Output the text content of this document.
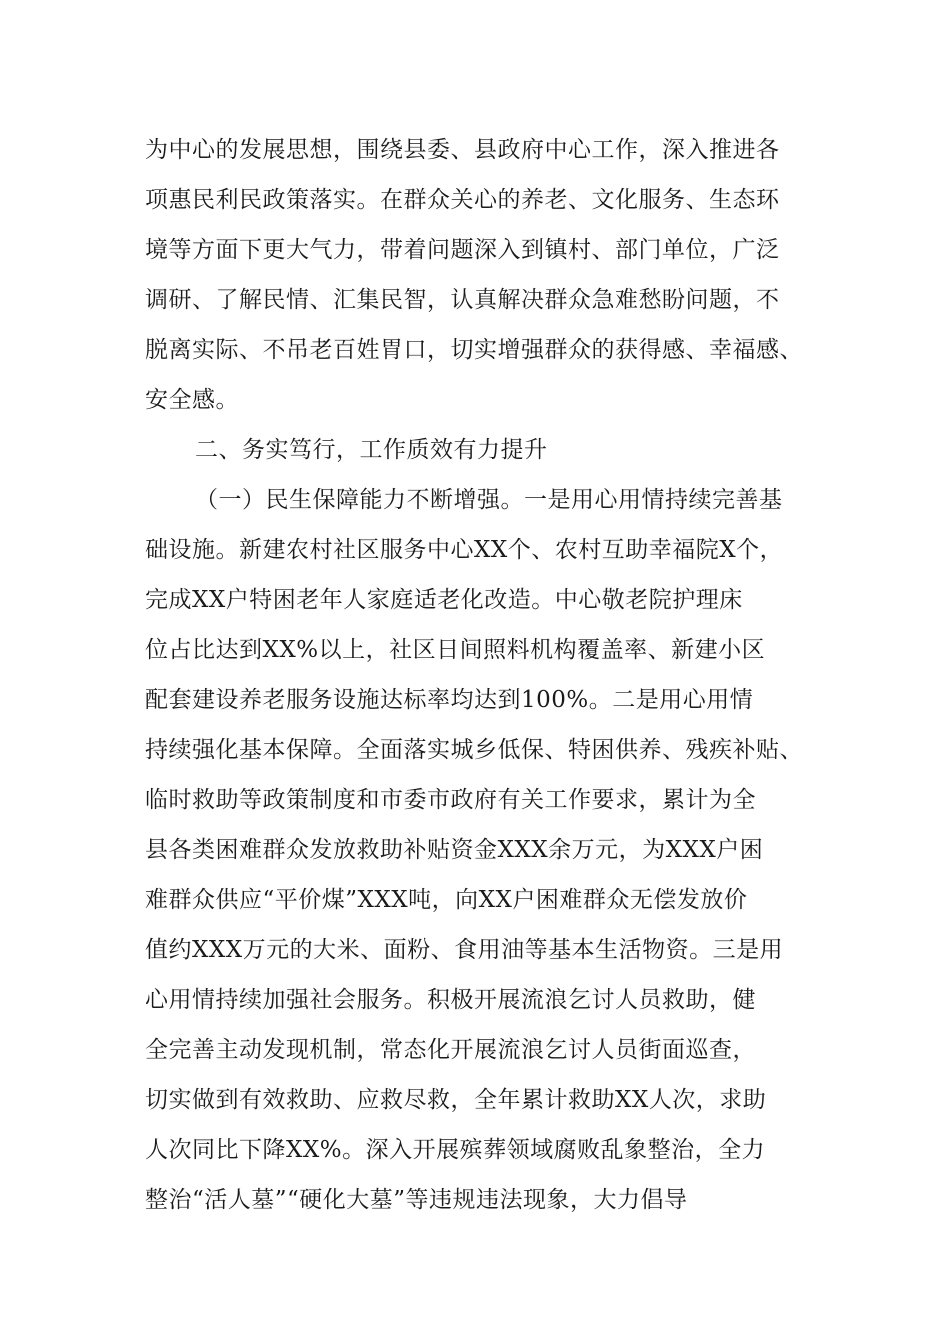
为中心的发展思想，围绕县委、县政府中心工作，深入推进各
项惠民利民政策落实。在群众关心的养老、文化服务、生态环
境等方面下更大气力，带着问题深入到镇村、部门单位，广泛
调研、了解民情、汇集民智，认真解决群众急难愁盼问题，不
脱离实际、不吊老百姓胃口，切实增强群众的获得感、幸福感、
安全感。
二、务实笃行，工作质效有力提升
（一）民生保障能力不断增强。一是用心用情持续完善基
础设施。新建农村社区服务中心XX个、农村互助幸福院X个，
完成XX户特困老年人家庭适老化改造。中心敬老院护理床
位占比达到XX%以上，社区日间照料机构覆盖率、新建小区
配套建设养老服务设施达标率均达到100%。二是用心用情
持续强化基本保障。全面落实城乡低保、特困供养、残疾补贴、
临时救助等政策制度和市委市政府有关工作要求，累计为全
县各类困难群众发放救助补贴资金XXX余万元，为XXX户困
难群众供应“平价煤”XXX吨，向XX户困难群众无偿发放价
值约XXX万元的大米、面粉、食用油等基本生活物资。三是用
心用情持续加强社会服务。积极开展流浪乞讨人员救助，健
全完善主动发现机制，常态化开展流浪乞讨人员街面巡查，
切实做到有效救助、应救尽救，全年累计救助XX人次，求助
人次同比下降XX%。深入开展殡葬领域腐败乱象整治，全力
整治“活人墓”“硬化大墓”等违规违法现象，大力倡导
